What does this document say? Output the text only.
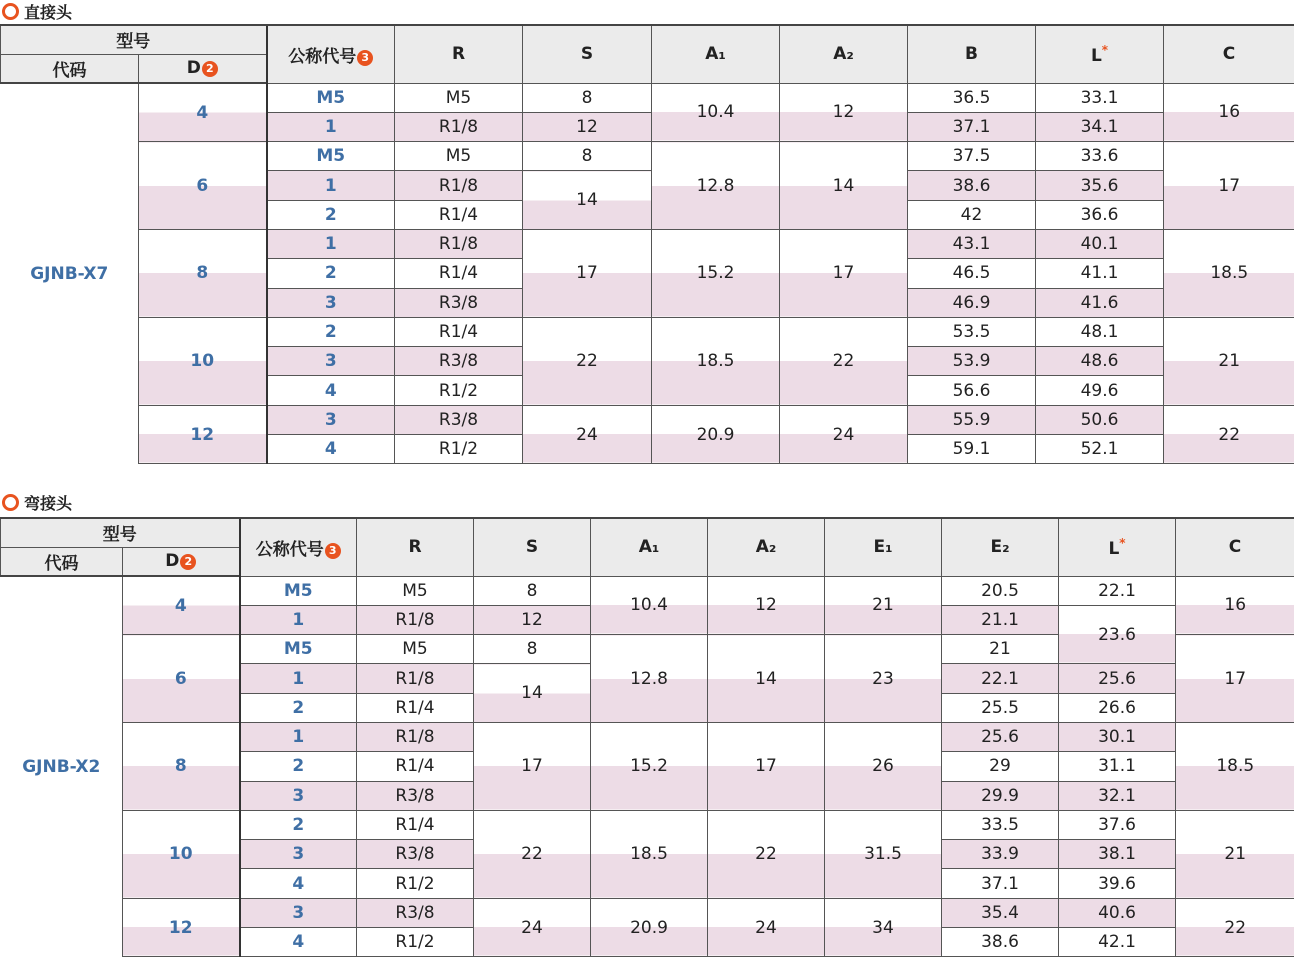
直接头
型号		公称代号 3	R	S	A₁	A₂	B	L*	C
代码	D 2								
GJNB-X7	4	M5	M5	8	10.4	12	36.5	33.1	16
		1	R1/8	12			37.1	34.1	
	6	M5	M5	8	12.8	14	37.5	33.6	17
		1	R1/8	14			38.6	35.6	
		2	R1/4				42	36.6	
	8	1	R1/8	17	15.2	17	43.1	40.1	18.5
		2	R1/4				46.5	41.1	
		3	R3/8				46.9	41.6	
	10	2	R1/4	22	18.5	22	53.5	48.1	21
		3	R3/8				53.9	48.6	
		4	R1/2				56.6	49.6	
	12	3	R3/8	24	20.9	24	55.9	50.6	22
		4	R1/2				59.1	52.1	
弯接头
型号		公称代号 3	R	S	A₁	A₂	E₁	E₂	L*	C
代码	D 2									
GJNB-X2	4	M5	M5	8	10.4	12	21	20.5	22.1	16
		1	R1/8	12				21.1	23.6	
	6	M5	M5	8	12.8	14	23	21		17
		1	R1/8	14				22.1	25.6	
		2	R1/4					25.5	26.6	
	8	1	R1/8	17	15.2	17	26	25.6	30.1	18.5
		2	R1/4					29	31.1	
		3	R3/8					29.9	32.1	
	10	2	R1/4	22	18.5	22	31.5	33.5	37.6	21
		3	R3/8					33.9	38.1	
		4	R1/2					37.1	39.6	
	12	3	R3/8	24	20.9	24	34	35.4	40.6	22
		4	R1/2					38.6	42.1	
